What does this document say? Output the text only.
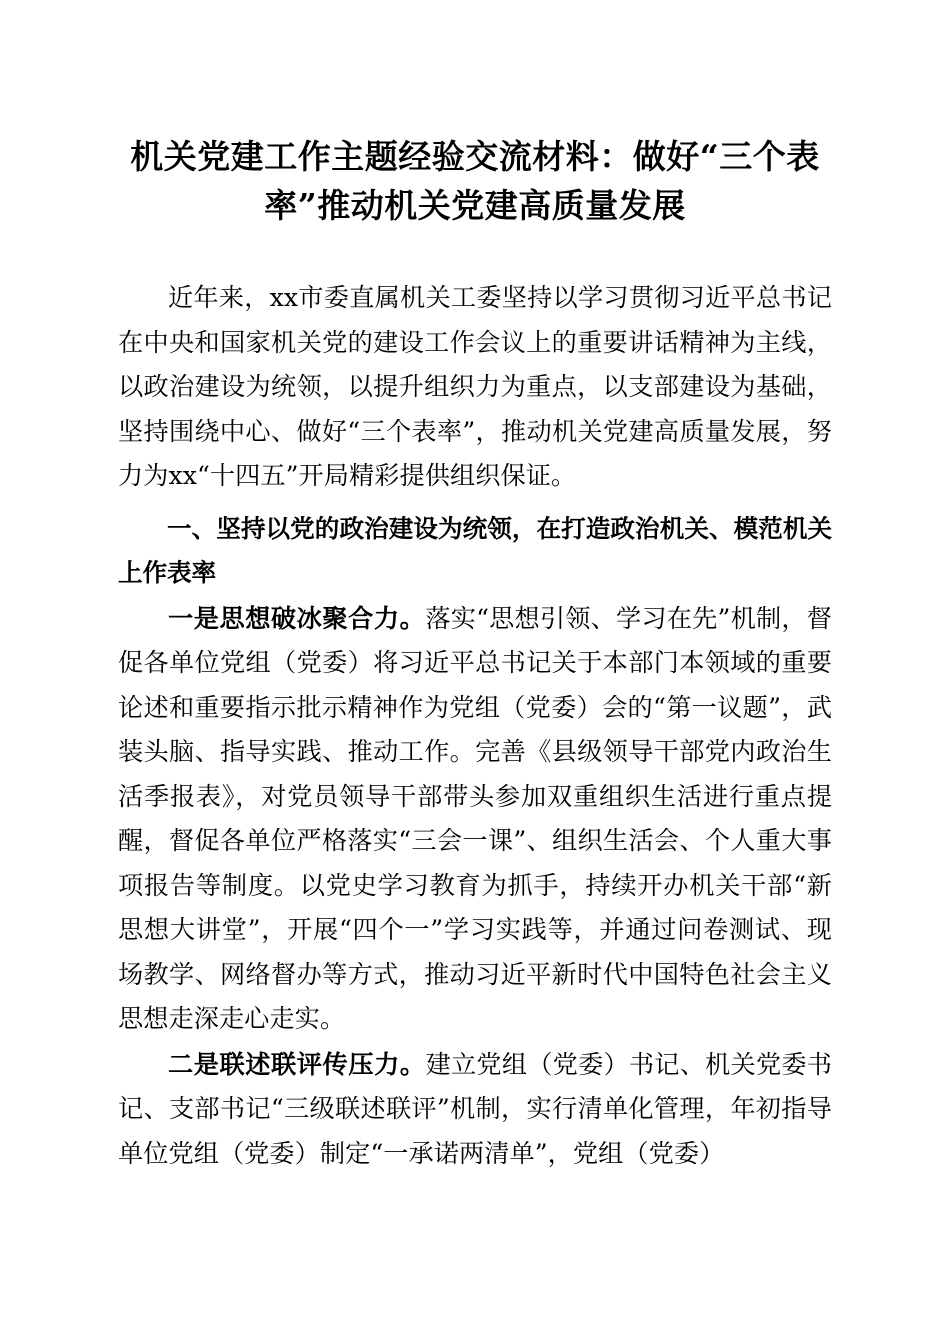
机关党建工作主题经验交流材料：做好“三个表率”推动机关党建高质量发展

近年来，xx市委直属机关工委坚持以学习贯彻习近平总书记在中央和国家机关党的建设工作会议上的重要讲话精神为主线，以政治建设为统领，以提升组织力为重点，以支部建设为基础，坚持围绕中心、做好“三个表率”，推动机关党建高质量发展，努力为xx“十四五”开局精彩提供组织保证。

一、坚持以党的政治建设为统领，在打造政治机关、模范机关上作表率

一是思想破冰聚合力。落实“思想引领、学习在先”机制，督促各单位党组（党委）将习近平总书记关于本部门本领域的重要论述和重要指示批示精神作为党组（党委）会的“第一议题”，武装头脑、指导实践、推动工作。完善《县级领导干部党内政治生活季报表》，对党员领导干部带头参加双重组织生活进行重点提醒，督促各单位严格落实“三会一课”、组织生活会、个人重大事项报告等制度。以党史学习教育为抓手，持续开办机关干部“新思想大讲堂”，开展“四个一”学习实践等，并通过问卷测试、现场教学、网络督办等方式，推动习近平新时代中国特色社会主义思想走深走心走实。

二是联述联评传压力。建立党组（党委）书记、机关党委书记、支部书记“三级联述联评”机制，实行清单化管理，年初指导单位党组（党委）制定“一承诺两清单”，党组（党委）
